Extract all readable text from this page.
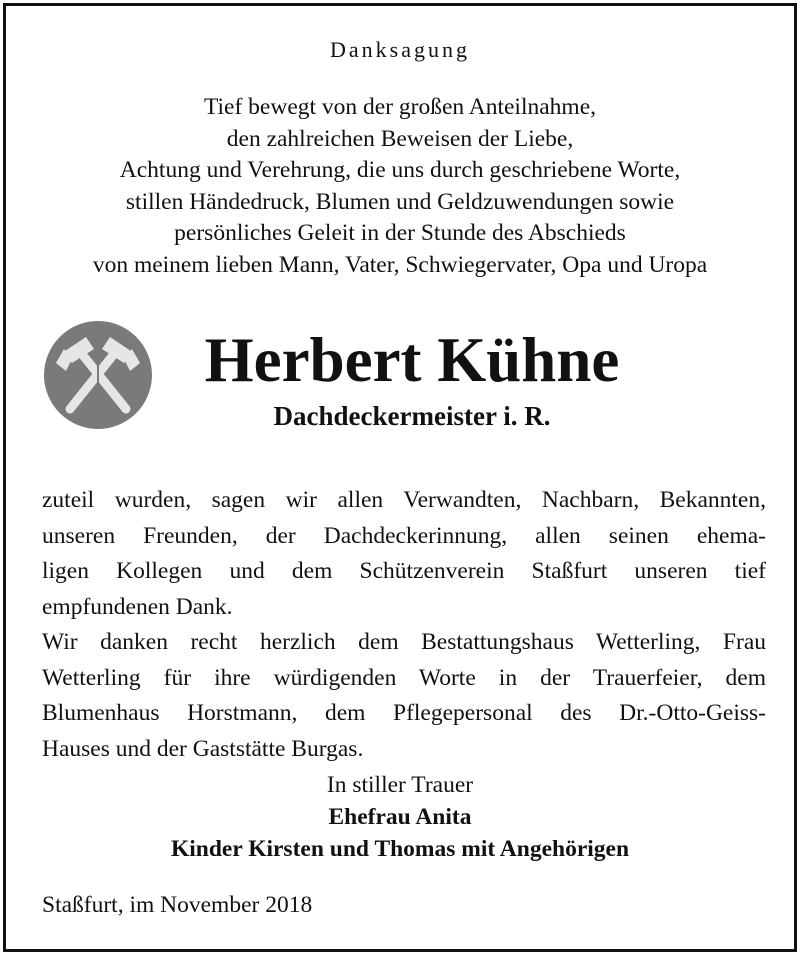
Danksagung
Tief bewegt von der großen Anteilnahme,
den zahlreichen Beweisen der Liebe,
Achtung und Verehrung, die uns durch geschriebene Worte,
stillen Händedruck, Blumen und Geldzuwendungen sowie
persönliches Geleit in der Stunde des Abschieds
von meinem lieben Mann, Vater, Schwiegervater, Opa und Uropa
Herbert Kühne
Dachdeckermeister i. R.
zuteil wurden, sagen wir allen Verwandten, Nachbarn, Bekannten,
unseren Freunden, der Dachdeckerinnung, allen seinen ehema-
ligen Kollegen und dem Schützenverein Staßfurt unseren tief
empfundenen Dank.
Wir danken recht herzlich dem Bestattungshaus Wetterling, Frau
Wetterling für ihre würdigenden Worte in der Trauerfeier, dem
Blumenhaus Horstmann, dem Pflegepersonal des Dr.-Otto-Geiss-
Hauses und der Gaststätte Burgas.
In stiller Trauer
Ehefrau Anita
Kinder Kirsten und Thomas mit Angehörigen
Staßfurt, im November 2018
